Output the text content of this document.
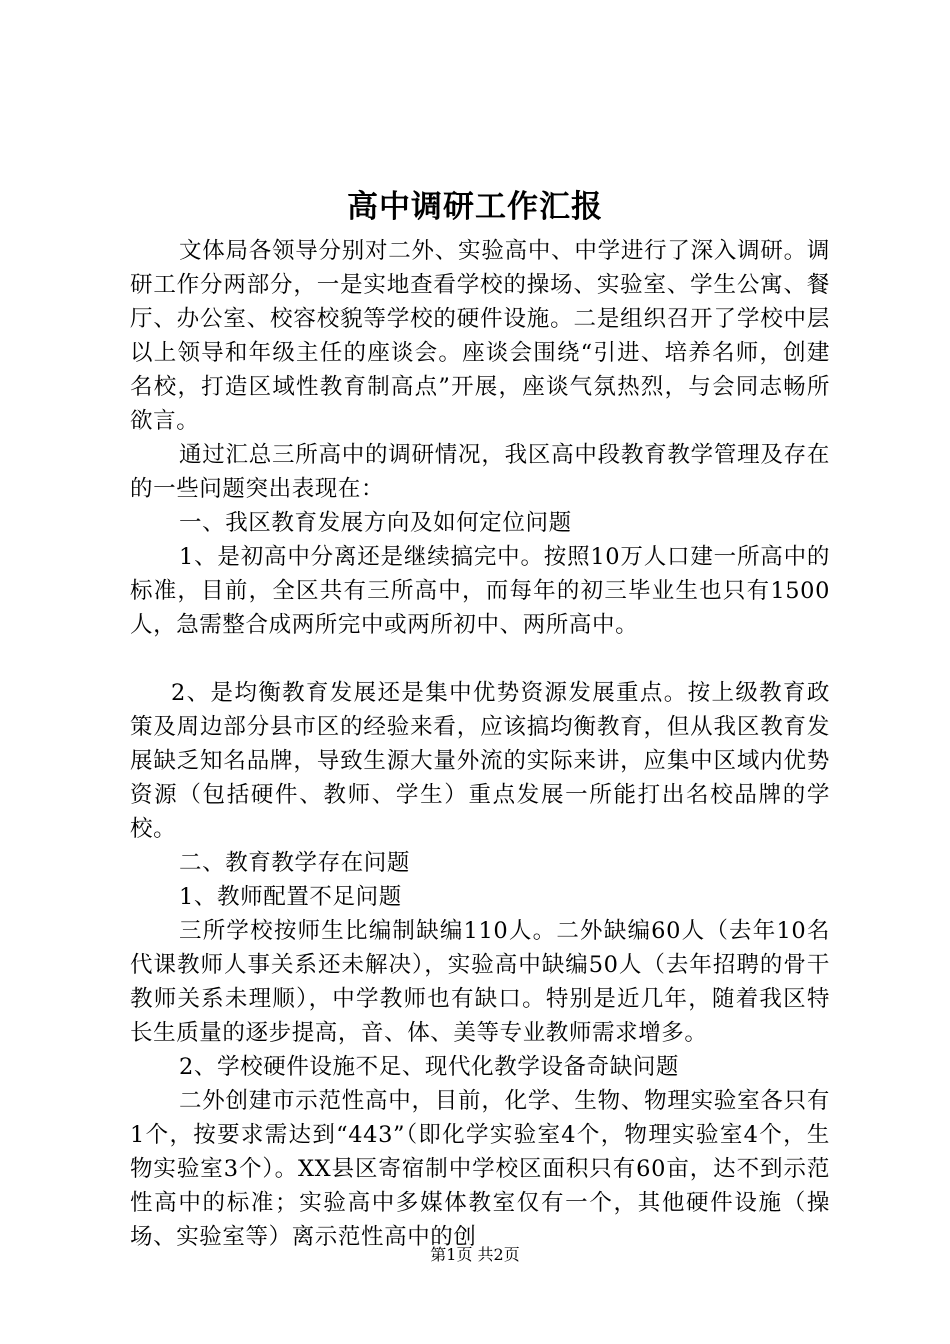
高中调研工作汇报

文体局各领导分别对二外、实验高中、中学进行了深入调研。调研工作分两部分，一是实地查看学校的操场、实验室、学生公寓、餐厅、办公室、校容校貌等学校的硬件设施。二是组织召开了学校中层以上领导和年级主任的座谈会。座谈会围绕“引进、培养名师，创建名校，打造区域性教育制高点”开展，座谈气氛热烈，与会同志畅所欲言。

通过汇总三所高中的调研情况，我区高中段教育教学管理及存在的一些问题突出表现在：

一、我区教育发展方向及如何定位问题

1、是初高中分离还是继续搞完中。按照10万人口建一所高中的标准，目前，全区共有三所高中，而每年的初三毕业生也只有1500人，急需整合成两所完中或两所初中、两所高中。

2、是均衡教育发展还是集中优势资源发展重点。按上级教育政策及周边部分县市区的经验来看，应该搞均衡教育，但从我区教育发展缺乏知名品牌，导致生源大量外流的实际来讲，应集中区域内优势资源（包括硬件、教师、学生）重点发展一所能打出名校品牌的学校。

二、教育教学存在问题

1、教师配置不足问题

三所学校按师生比编制缺编110人。二外缺编60人（去年10名代课教师人事关系还未解决），实验高中缺编50人（去年招聘的骨干教师关系未理顺），中学教师也有缺口。特别是近几年，随着我区特长生质量的逐步提高，音、体、美等专业教师需求增多。

2、学校硬件设施不足、现代化教学设备奇缺问题

二外创建市示范性高中，目前，化学、生物、物理实验室各只有1个，按要求需达到“443”（即化学实验室4个，物理实验室4个，生物实验室3个）。XX县区寄宿制中学校区面积只有60亩，达不到示范性高中的标准；实验高中多媒体教室仅有一个，其他硬件设施（操场、实验室等）离示范性高中的创

第1页 共2页
